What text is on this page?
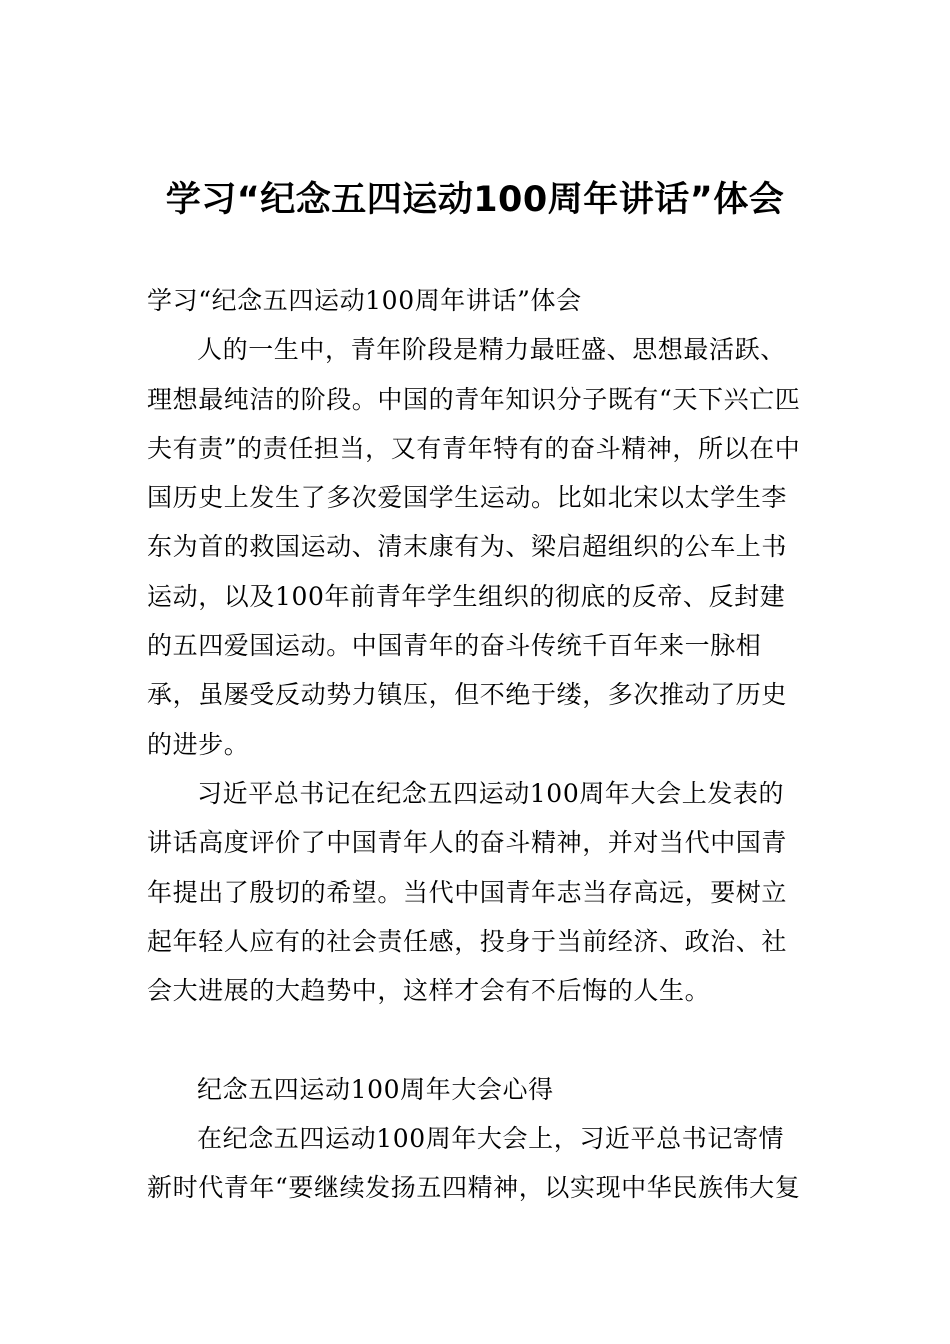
学习“纪念五四运动100周年讲话”体会

学习“纪念五四运动100周年讲话”体会

人的一生中，青年阶段是精力最旺盛、思想最活跃、理想最纯洁的阶段。中国的青年知识分子既有“天下兴亡匹夫有责”的责任担当，又有青年特有的奋斗精神，所以在中国历史上发生了多次爱国学生运动。比如北宋以太学生李东为首的救国运动、清末康有为、梁启超组织的公车上书运动，以及100年前青年学生组织的彻底的反帝、反封建的五四爱国运动。中国青年的奋斗传统千百年来一脉相承，虽屡受反动势力镇压，但不绝于缕，多次推动了历史的进步。

习近平总书记在纪念五四运动100周年大会上发表的讲话高度评价了中国青年人的奋斗精神，并对当代中国青年提出了殷切的希望。当代中国青年志当存高远，要树立起年轻人应有的社会责任感，投身于当前经济、政治、社会大进展的大趋势中，这样才会有不后悔的人生。

纪念五四运动100周年大会心得

在纪念五四运动100周年大会上，习近平总书记寄情新时代青年“要继续发扬五四精神，以实现中华民族伟大复
